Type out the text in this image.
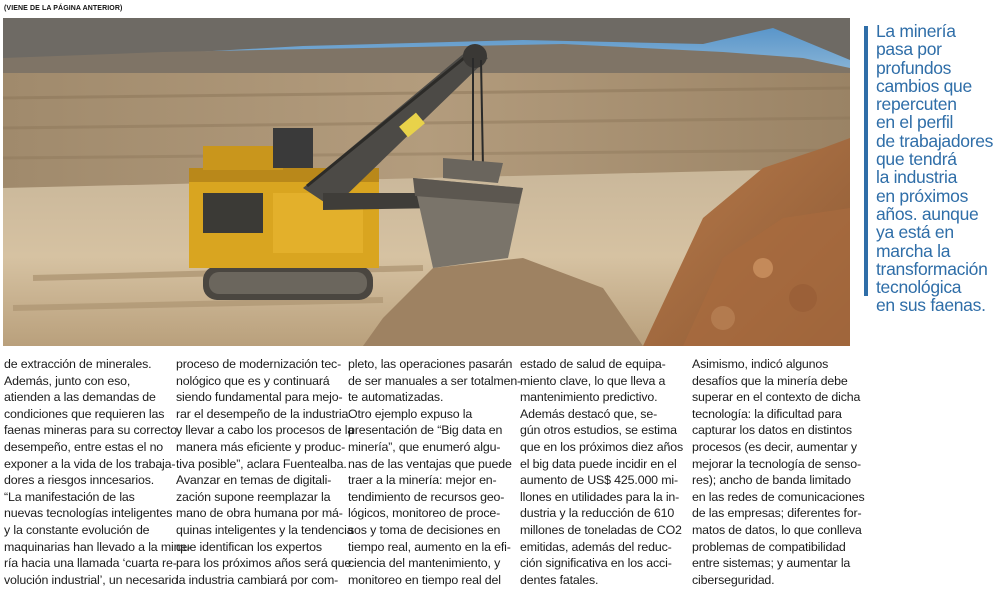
(VIENE DE LA PÁGINA ANTERIOR)
La minería
pasa por
profundos
cambios que
repercuten
en el perfil
de trabajadores
que tendrá
la industria
en próximos
años. aunque
ya está en
marcha la
transformación
tecnológica
en sus faenas.
de extracción de minerales.
Además, junto con eso,
atienden a las demandas de
condiciones que requieren las
faenas mineras para su correcto
desempeño, entre estas el no
exponer a la vida de los trabaja-
dores a riesgos inncesarios.
“La manifestación de las
nuevas tecnologías inteligentes
y la constante evolución de
maquinarias han llevado a la mine-
ría hacia una llamada ‘cuarta re-
volución industrial’, un necesario
proceso de modernización tec-
nológico que es y continuará
siendo fundamental para mejo-
rar el desempeño de la industria
y llevar a cabo los procesos de la
manera más eficiente y produc-
tiva posible”, aclara Fuentealba.
Avanzar en temas de digitali-
zación supone reemplazar la
mano de obra humana por má-
quinas inteligentes y la tendencia
que identifican los expertos
para los próximos años será que
la industria cambiará por com-
pleto, las operaciones pasarán
de ser manuales a ser totalmen-
te automatizadas.
Otro ejemplo expuso la
presentación de “Big data en
minería”, que enumeró algu-
nas de las ventajas que puede
traer a la minería: mejor en-
tendimiento de recursos geo-
lógicos, monitoreo de proce-
sos y toma de decisiones en
tiempo real, aumento en la efi-
ciencia del mantenimiento, y
monitoreo en tiempo real del
estado de salud de equipa-
miento clave, lo que lleva a
mantenimiento predictivo.
Además destacó que, se-
gún otros estudios, se estima
que en los próximos diez años
el big data puede incidir en el
aumento de US$ 425.000 mi-
llones en utilidades para la in-
dustria y la reducción de 610
millones de toneladas de CO2
emitidas, además del reduc-
ción significativa en los acci-
dentes fatales.
Asimismo, indicó algunos
desafíos que la minería debe
superar en el contexto de dicha
tecnología: la dificultad para
capturar los datos en distintos
procesos (es decir, aumentar y
mejorar la tecnología de senso-
res); ancho de banda limitado
en las redes de comunicaciones
de las empresas; diferentes for-
matos de datos, lo que conlleva
problemas de compatibilidad
entre sistemas; y aumentar la
ciberseguridad.
